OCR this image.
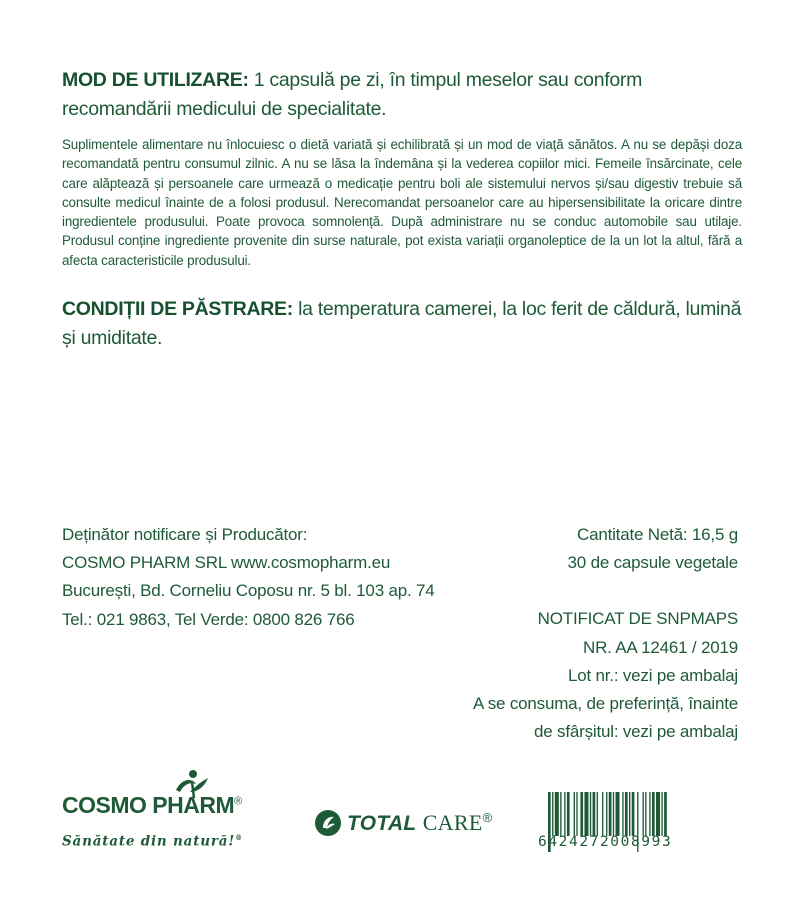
MOD DE UTILIZARE: 1 capsulă pe zi, în timpul meselor sau conform recomandării medicului de specialitate.
Suplimentele alimentare nu înlocuiesc o dietă variată și echilibrată și un mod de viață sănătos. A nu se depăși doza recomandată pentru consumul zilnic. A nu se lăsa la îndemâna și la vederea copiilor mici. Femeile însărcinate, cele care alăptează și persoanele care urmează o medicație pentru boli ale sistemului nervos și/sau digestiv trebuie să consulte medicul înainte de a folosi produsul. Nerecomandat persoanelor care au hipersensibilitate la oricare dintre ingredientele produsului. Poate provoca somnolență. După administrare nu se conduc automobile sau utilaje. Produsul conține ingrediente provenite din surse naturale, pot exista variații organoleptice de la un lot la altul, fără a afecta caracteristicile produsului.
CONDIȚII DE PĂSTRARE: la temperatura camerei, la loc ferit de căldură, lumină și umiditate.
Deținător notificare și Producător:
COSMO PHARM SRL www.cosmopharm.eu
București, Bd. Corneliu Coposu nr. 5 bl. 103 ap. 74
Tel.: 021 9863, Tel Verde: 0800 826 766
Cantitate Netă: 16,5 g
30 de capsule vegetale
NOTIFICAT DE SNPMAPS
NR. AA 12461 / 2019
Lot nr.: vezi pe ambalaj
A se consuma, de preferință, înainte
de sfârșitul: vezi pe ambalaj
COSMO PHARM®
Sănătate din natură!®
TOTAL CARE®
6424272008993
